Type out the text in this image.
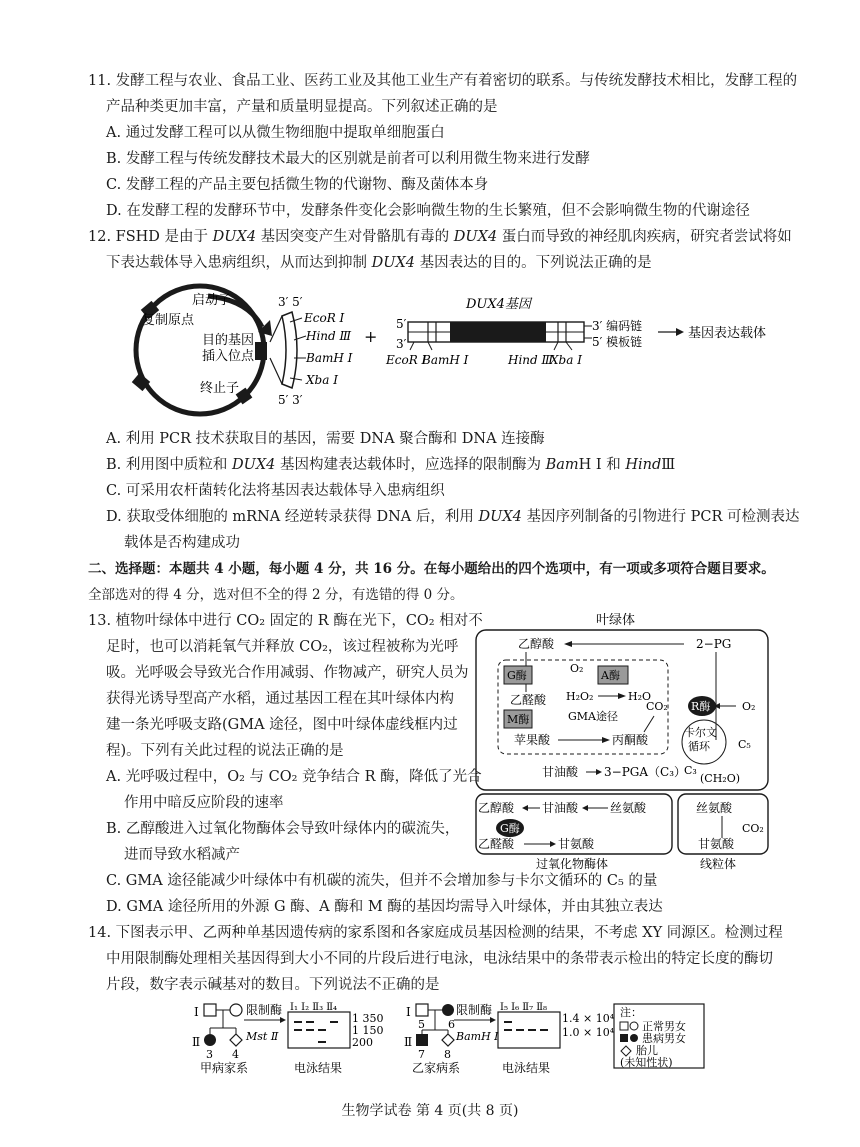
11. 发酵工程与农业、食品工业、医药工业及其他工业生产有着密切的联系。与传统发酵技术相比，发酵工程的
产品种类更加丰富，产量和质量明显提高。下列叙述正确的是
A. 通过发酵工程可以从微生物细胞中提取单细胞蛋白
B. 发酵工程与传统发酵技术最大的区别就是前者可以利用微生物来进行发酵
C. 发酵工程的产品主要包括微生物的代谢物、酶及菌体本身
D. 在发酵工程的发酵环节中，发酵条件变化会影响微生物的生长繁殖，但不会影响微生物的代谢途径
12. FSHD 是由于 DUX4 基因突变产生对骨骼肌有毒的 DUX4 蛋白而导致的神经肌肉疾病，研究者尝试将如
下表达载体导入患病组织，从而达到抑制 DUX4 基因表达的目的。下列说法正确的是
启动子
复制原点
目的基因
插入位点
终止子
3′ 5′
5′ 3′
EcoR Ⅰ
Hind Ⅲ
BamH Ⅰ
Xba Ⅰ
+
DUX4基因
5′
3′
3′ 编码链
5′ 模板链
基因表达载体
EcoR Ⅰ
BamH Ⅰ	Hind Ⅲ
Xba Ⅰ
A. 利用 PCR 技术获取目的基因，需要 DNA 聚合酶和 DNA 连接酶
B. 利用图中质粒和 DUX4 基因构建表达载体时，应选择的限制酶为 BamH Ⅰ 和 HindⅢ
C. 可采用农杆菌转化法将基因表达载体导入患病组织
D. 获取受体细胞的 mRNA 经逆转录获得 DNA 后，利用 DUX4 基因序列制备的引物进行 PCR 可检测表达
载体是否构建成功
二、选择题：本题共 4 小题，每小题 4 分，共 16 分。在每小题给出的四个选项中，有一项或多项符合题目要求。
全部选对的得 4 分，选对但不全的得 2 分，有选错的得 0 分。
13. 植物叶绿体中进行 CO₂ 固定的 R 酶在光下，CO₂ 相对不
足时，也可以消耗氧气并释放 CO₂，该过程被称为光呼
吸。光呼吸会导致光合作用减弱、作物减产，研究人员为
获得光诱导型高产水稻，通过基因工程在其叶绿体内构
建一条光呼吸支路(GMA 途径，图中叶绿体虚线框内过
程)。下列有关此过程的说法正确的是
A. 光呼吸过程中，O₂ 与 CO₂ 竞争结合 R 酶，降低了光合
作用中暗反应阶段的速率
B. 乙醇酸进入过氧化物酶体会导致叶绿体内的碳流失，
进而导致水稻减产
C. GMA 途径能减少叶绿体中有机碳的流失，但并不会增加参与卡尔文循环的 C₅ 的量
D. GMA 途径所用的外源 G 酶、A 酶和 M 酶的基因均需导入叶绿体，并由其独立表达
叶绿体
乙醇酸	2−PG
O₂
G酶	A酶
乙醛酸 H₂O₂	H₂O
GMA途径
CO₂
M酶
R酶	O₂
苹果酸	丙酮酸
卡尔文
循环	C₅
甘油酸 3−PGA（C₃）
C₃
(CH₂O)
乙醇酸 甘油酸	丝氨酸
G酶
乙醛酸	甘氨酸
丝氨酸
CO₂
甘氨酸
过氧化物酶体	线粒体
14. 下图表示甲、乙两种单基因遗传病的家系图和各家庭成员基因检测的结果，不考虑 XY 同源区。检测过程
中用限制酶处理相关基因得到大小不同的片段后进行电泳，电泳结果中的条带表示检出的特定长度的酶切
片段，数字表示碱基对的数目。下列说法不正确的是
Ⅰ
Ⅱ
3 4
限制酶
Mst Ⅱ
Ⅰ₁ Ⅰ₂ Ⅱ₃ Ⅱ₄
1 350
1 150
200
甲病家系	电泳结果
Ⅰ
Ⅱ
5 6
7 8
限制酶
BamH Ⅰ
Ⅰ₅ Ⅰ₆ Ⅱ₇ Ⅱ₈
1.4 × 10⁴
1.0 × 10⁴
乙家病系	电泳结果
注：
正常男女
患病男女
胎儿
(未知性状)
生物学试卷 第 4 页(共 8 页)
